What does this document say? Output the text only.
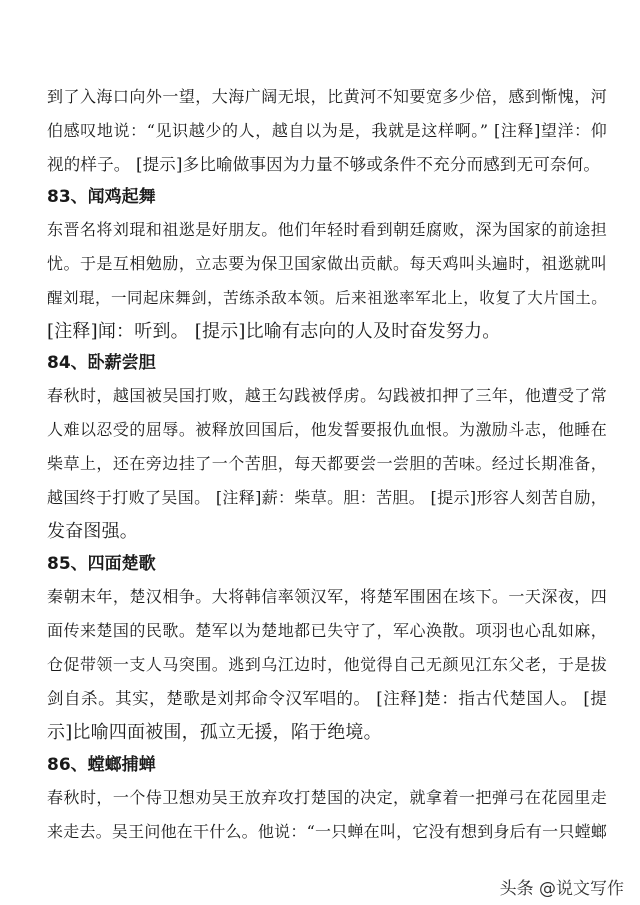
到了入海口向外一望，大海广阔无垠，比黄河不知要宽多少倍，感到惭愧，河
伯感叹地说：“见识越少的人，越自以为是，我就是这样啊。” [注释]望洋：仰
视的样子。 [提示]多比喻做事因为力量不够或条件不充分而感到无可奈何。
83、闻鸡起舞
东晋名将刘琨和祖逖是好朋友。他们年轻时看到朝廷腐败，深为国家的前途担
忧。于是互相勉励，立志要为保卫国家做出贡献。每天鸡叫头遍时，祖逖就叫
醒刘琨，一同起床舞剑，苦练杀敌本领。后来祖逖率军北上，收复了大片国土。
[注释]闻：听到。 [提示]比喻有志向的人及时奋发努力。
84、卧薪尝胆
春秋时，越国被吴国打败，越王勾践被俘虏。勾践被扣押了三年，他遭受了常
人难以忍受的屈辱。被释放回国后，他发誓要报仇血恨。为激励斗志，他睡在
柴草上，还在旁边挂了一个苦胆，每天都要尝一尝胆的苦味。经过长期准备，
越国终于打败了吴国。 [注释]薪：柴草。胆：苦胆。 [提示]形容人刻苦自励，
发奋图强。
85、四面楚歌
秦朝末年，楚汉相争。大将韩信率领汉军，将楚军围困在垓下。一天深夜，四
面传来楚国的民歌。楚军以为楚地都已失守了，军心涣散。项羽也心乱如麻，
仓促带领一支人马突围。逃到乌江边时，他觉得自己无颜见江东父老，于是拔
剑自杀。其实，楚歌是刘邦命令汉军唱的。 [注释]楚：指古代楚国人。 [提
示]比喻四面被围，孤立无援，陷于绝境。
86、螳螂捕蝉
春秋时，一个侍卫想劝吴王放弃攻打楚国的决定，就拿着一把弹弓在花园里走
来走去。吴王问他在干什么。他说：“一只蝉在叫，它没有想到身后有一只螳螂
头条 @说文写作
